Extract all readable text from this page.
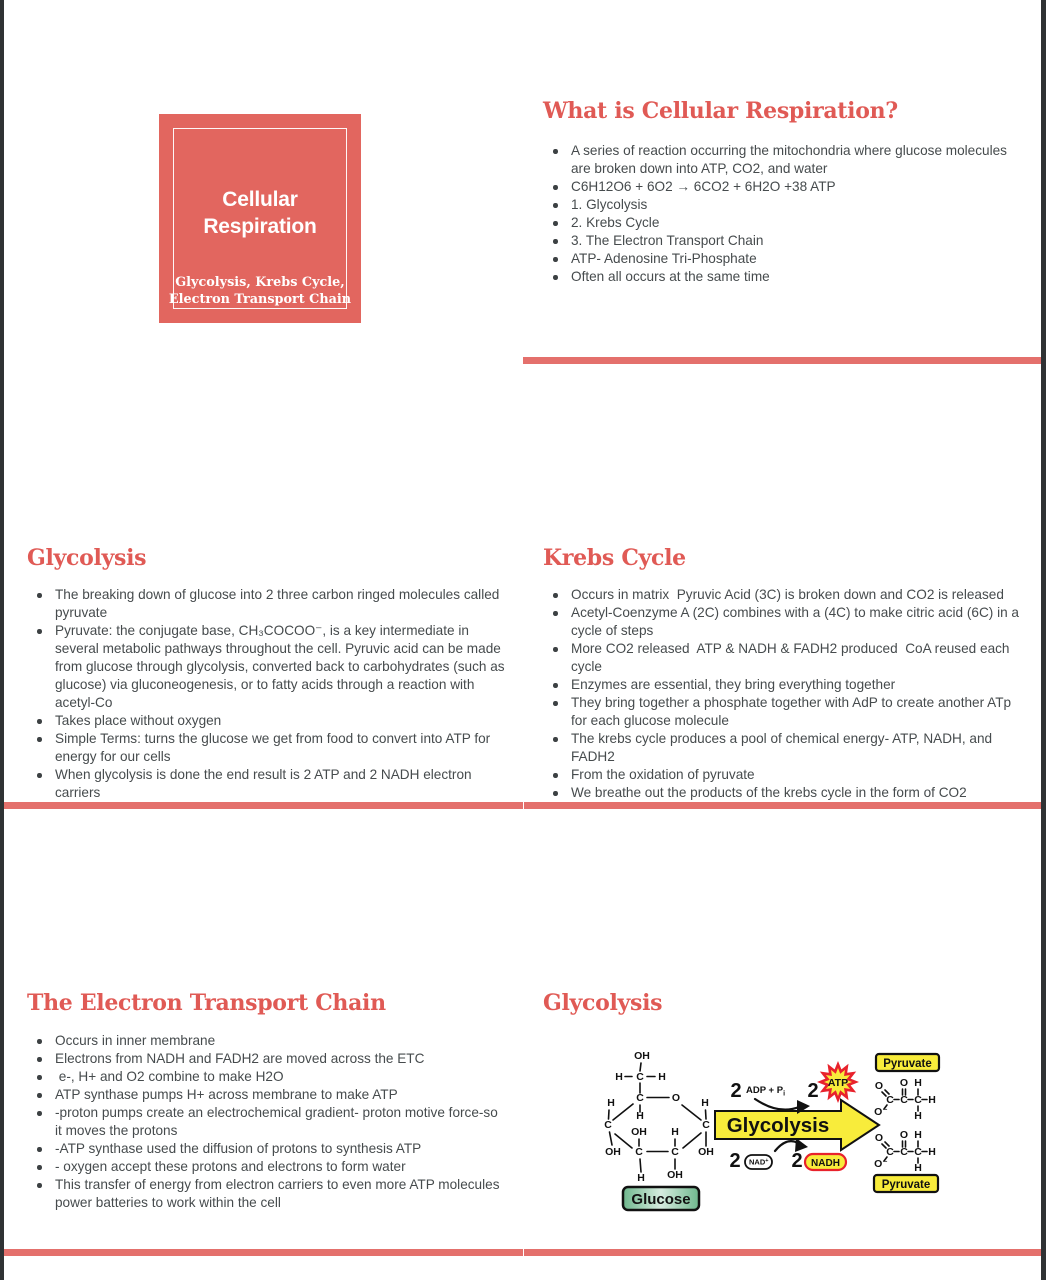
Cellular Respiration

Glycolysis, Krebs Cycle,
Electron Transport Chain

What is Cellular Respiration?
A series of reaction occurring the mitochondria where glucose molecules are broken down into ATP, CO2, and water
C6H12O6 + 6O2 → 6CO2 + 6H2O +38 ATP
1. Glycolysis
2. Krebs Cycle
3. The Electron Transport Chain
ATP- Adenosine Tri-Phosphate
Often all occurs at the same time
Glycolysis
The breaking down of glucose into 2 three carbon ringed molecules called pyruvate
Pyruvate: the conjugate base, CH₃COCOO⁻, is a key intermediate in several metabolic pathways throughout the cell. Pyruvic acid can be made from glucose through glycolysis, converted back to carbohydrates (such as glucose) via gluconeogenesis, or to fatty acids through a reaction with acetyl-Co
Takes place without oxygen
Simple Terms: turns the glucose we get from food to convert into ATP for energy for our cells
When glycolysis is done the end result is 2 ATP and 2 NADH electron carriers
Krebs Cycle
Occurs in matrix  Pyruvic Acid (3C) is broken down and CO2 is released
Acetyl-Coenzyme A (2C) combines with a (4C) to make citric acid (6C) in a cycle of steps
More CO2 released  ATP & NADH & FADH2 produced  CoA reused each cycle
Enzymes are essential, they bring everything together
They bring together a phosphate together with AdP to create another ATp for each glucose molecule
The krebs cycle produces a pool of chemical energy- ATP, NADH, and FADH2
From the oxidation of pyruvate
We breathe out the products of the krebs cycle in the form of CO2
The Electron Transport Chain
Occurs in inner membrane
Electrons from NADH and FADH2 are moved across the ETC
e-, H+ and O2 combine to make H2O
ATP synthase pumps H+ across membrane to make ATP
-proton pumps create an electrochemical gradient- proton motive force-so it moves the protons
-ATP synthase used the diffusion of protons to synthesis ATP
- oxygen accept these protons and electrons to form water
This transfer of energy from electron carriers to even more ATP molecules power batteries to work within the cell
Glycolysis
OH
H C H
C	O
H	H
C	C
H
OH H
OH C	C OH
H OH
Glucose
Glycolysis
2 ADP + $P_i$ 2 ATP
2 NAD+ 2 NADH
Pyruvate
O O H
C C C H
O⁻	H
O O H
C C C H
O⁻	H
Pyruvate
